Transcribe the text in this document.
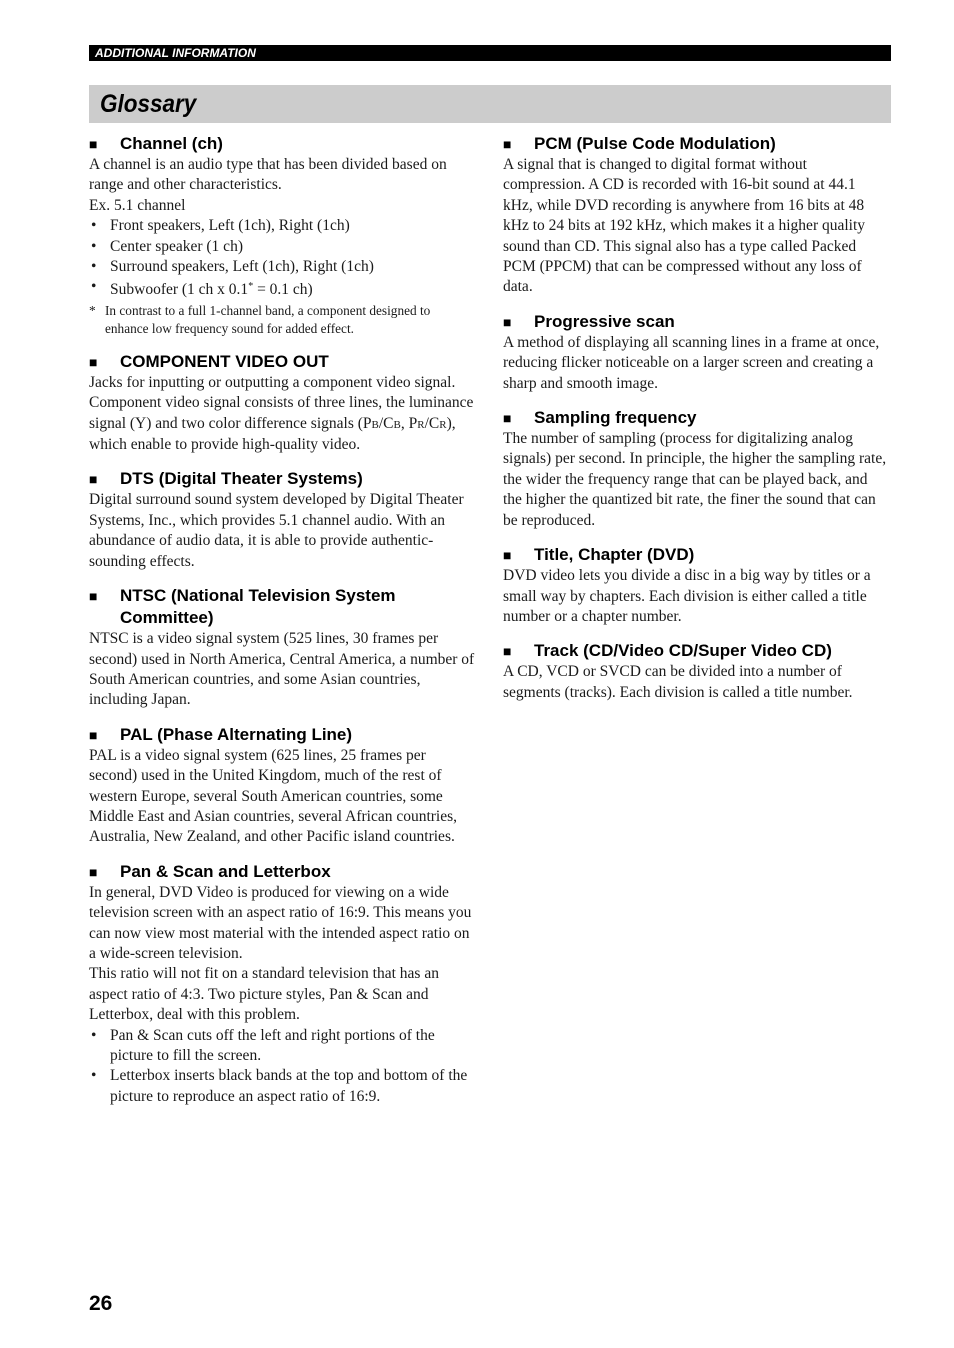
ADDITIONAL INFORMATION
Glossary
■	Channel (ch)

A channel is an audio type that has been divided based on range and other characteristics.

Ex. 5.1 channel

• Front speakers, Left (1ch), Right (1ch)
• Center speaker (1 ch)
• Surround speakers, Left (1ch), Right (1ch)
• Subwoofer (1 ch x 0.1* = 0.1 ch)
* In contrast to a full 1-channel band, a component designed to enhance low frequency sound for added effect.
■	COMPONENT VIDEO OUT

Jacks for inputting or outputting a component video signal. Component video signal consists of three lines, the luminance signal (Y) and two color difference signals (PB/CB, PR/CR), which enable to provide high-quality video.

■	DTS (Digital Theater Systems)

Digital surround sound system developed by Digital Theater Systems, Inc., which provides 5.1 channel audio. With an abundance of audio data, it is able to provide authentic-sounding effects.

■	NTSC (National Television System Committee)

NTSC is a video signal system (525 lines, 30 frames per second) used in North America, Central America, a number of South American countries, and some Asian countries, including Japan.

■	PAL (Phase Alternating Line)

PAL is a video signal system (625 lines, 25 frames per second) used in the United Kingdom, much of the rest of western Europe, several South American countries, some Middle East and Asian countries, several African countries, Australia, New Zealand, and other Pacific island countries.

■	Pan & Scan and Letterbox

In general, DVD Video is produced for viewing on a wide television screen with an aspect ratio of 16:9. This means you can now view most material with the intended aspect ratio on a wide-screen television.

This ratio will not fit on a standard television that has an aspect ratio of 4:3. Two picture styles, Pan & Scan and Letterbox, deal with this problem.

• Pan & Scan cuts off the left and right portions of the picture to fill the screen.
• Letterbox inserts black bands at the top and bottom of the picture to reproduce an aspect ratio of 16:9.
■	PCM (Pulse Code Modulation)

A signal that is changed to digital format without compression. A CD is recorded with 16-bit sound at 44.1 kHz, while DVD recording is anywhere from 16 bits at 48 kHz to 24 bits at 192 kHz, which makes it a higher quality sound than CD. This signal also has a type called Packed PCM (PPCM) that can be compressed without any loss of data.

■	Progressive scan

A method of displaying all scanning lines in a frame at once, reducing flicker noticeable on a larger screen and creating a sharp and smooth image.

■	Sampling frequency

The number of sampling (process for digitalizing analog signals) per second. In principle, the higher the sampling rate, the wider the frequency range that can be played back, and the higher the quantized bit rate, the finer the sound that can be reproduced.

■	Title, Chapter (DVD)

DVD video lets you divide a disc in a big way by titles or a small way by chapters. Each division is either called a title number or a chapter number.

■	Track (CD/Video CD/Super Video CD)

A CD, VCD or SVCD can be divided into a number of segments (tracks). Each division is called a title number.

26
